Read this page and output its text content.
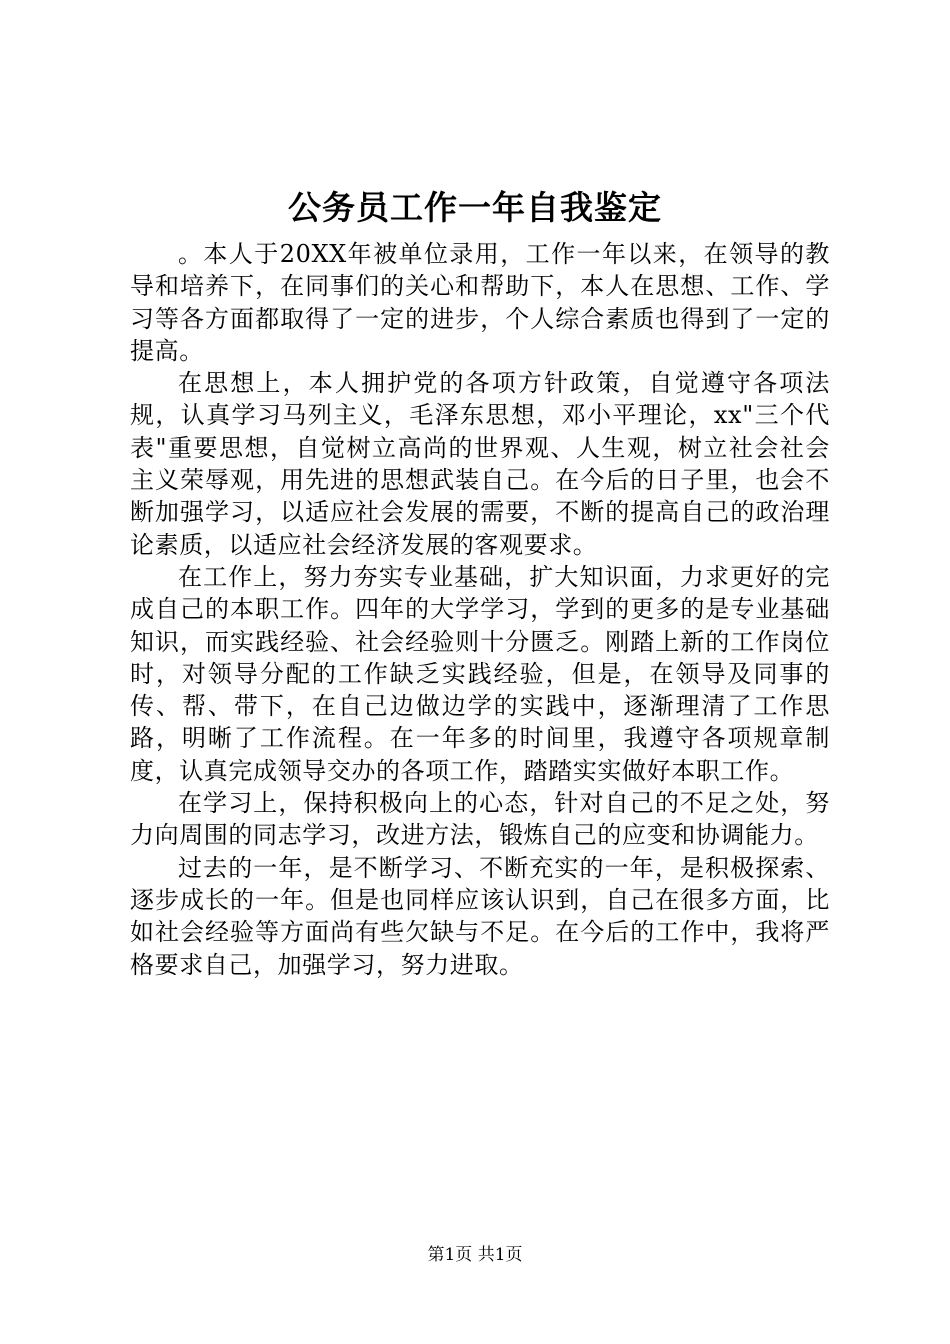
公务员工作一年自我鉴定

。本人于20XX年被单位录用，工作一年以来，在领导的教导和培养下，在同事们的关心和帮助下，本人在思想、工作、学习等各方面都取得了一定的进步，个人综合素质也得到了一定的提高。

在思想上，本人拥护党的各项方针政策，自觉遵守各项法规，认真学习马列主义，毛泽东思想，邓小平理论，xx"三个代表"重要思想，自觉树立高尚的世界观、人生观，树立社会社会主义荣辱观，用先进的思想武装自己。在今后的日子里，也会不断加强学习，以适应社会发展的需要，不断的提高自己的政治理论素质，以适应社会经济发展的客观要求。

在工作上，努力夯实专业基础，扩大知识面，力求更好的完成自己的本职工作。四年的大学学习，学到的更多的是专业基础知识，而实践经验、社会经验则十分匮乏。刚踏上新的工作岗位时，对领导分配的工作缺乏实践经验，但是，在领导及同事的传、帮、带下，在自己边做边学的实践中，逐渐理清了工作思路，明晰了工作流程。在一年多的时间里，我遵守各项规章制度，认真完成领导交办的各项工作，踏踏实实做好本职工作。

在学习上，保持积极向上的心态，针对自己的不足之处，努力向周围的同志学习，改进方法，锻炼自己的应变和协调能力。

过去的一年，是不断学习、不断充实的一年，是积极探索、逐步成长的一年。但是也同样应该认识到，自己在很多方面，比如社会经验等方面尚有些欠缺与不足。在今后的工作中，我将严格要求自己，加强学习，努力进取。

第1页 共1页
